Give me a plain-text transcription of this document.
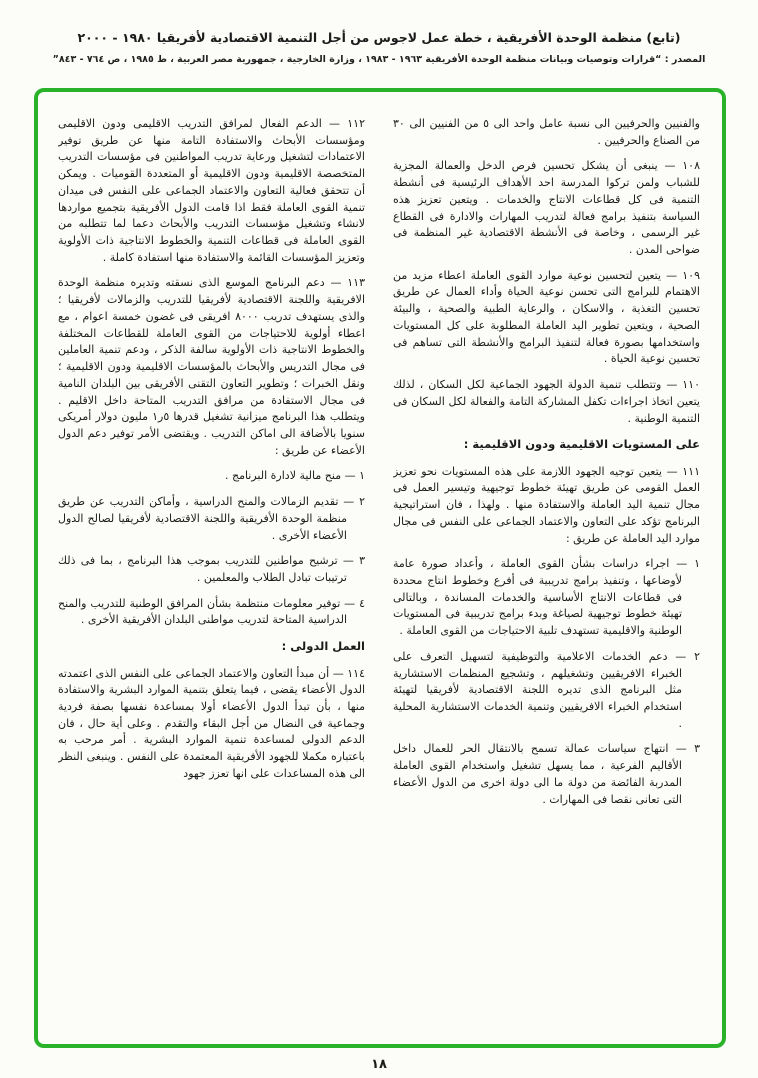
(تابع) منظمة الوحدة الأفريقية ، خطة عمل لاجوس من أجل التنمية الاقتصادية لأفريقيا ١٩٨٠ - ٢٠٠٠
المصدر : “قرارات وتوصيات وبيانات منظمة الوحدة الأفريقية ١٩٦٣ - ١٩٨٣ ، وزارة الخارجية ، جمهورية مصر العربية ، ط ١٩٨٥ ، ص ٧٦٤ - ٨٤٣”

والفنيين والحرفيين الى نسبة عامل واحد الى ٥ من الفنيين الى ٣٠ من الصناع والحرفيين .

١٠٨ — ينبغى أن يشكل تحسين فرص الدخل والعمالة المجزية للشباب ولمن تركوا المدرسة احد الأهداف الرئيسية فى أنشطة التنمية فى كل قطاعات الانتاج والخدمات . ويتعين تعزيز هذه السياسة بتنفيذ برامج فعالة لتدريب المهارات والادارة فى القطاع غير الرسمى ، وخاصة فى الأنشطة الاقتصادية غير المنظمة فى ضواحى المدن .

١٠٩ — يتعين لتحسين نوعية موارد القوى العاملة اعطاء مزيد من الاهتمام للبرامج التى تحسن نوعية الحياة وأداء العمال عن طريق تحسين التغذية ، والاسكان ، والرعاية الطبية والصحية ، والبيئة الصحية ، ويتعين تطوير اليد العاملة المطلوبة على كل المستويات واستخدامها بصورة فعالة لتنفيذ البرامج والأنشطة التى تساهم فى تحسين نوعية الحياة .

١١٠ — وتتطلب تنمية الدولة الجهود الجماعية لكل السكان ، لذلك يتعين اتخاذ اجراءات تكفل المشاركة التامة والفعالة لكل السكان فى التنمية الوطنية .

على المستويات الاقليمية ودون الاقليمية :

١١١ — يتعين توجيه الجهود اللازمة على هذه المستويات نحو تعزيز العمل القومى عن طريق تهيئة خطوط توجيهية وتيسير العمل فى مجال تنمية اليد العاملة والاستفادة منها . ولهذا ، فان استراتيجية البرنامج تؤكد على التعاون والاعتماد الجماعى على النفس فى مجال موارد اليد العاملة عن طريق :

١ — اجراء دراسات بشأن القوى العاملة ، وأعداد صورة عامة لأوضاعها ، وتنفيذ برامج تدريبية فى أفرع وخطوط انتاج محددة فى قطاعات الانتاج الأساسية والخدمات المساندة ، وبالتالى تهيئة خطوط توجيهية لصياغة وبدء برامج تدريبية فى المستويات الوطنية والاقليمية تستهدف تلبية الاحتياجات من القوى العاملة .

٢ — دعم الخدمات الاعلامية والتوظيفية لتسهيل التعرف على الخبراء الافريقيين وتشغيلهم ، وتشجيع المنظمات الاستشارية مثل البرنامج الذى تديره اللجنة الاقتصادية لأفريقيا لتهيئة استخدام الخبراء الافريقيين وتنمية الخدمات الاستشارية المحلية .

٣ — انتهاج سياسات عمالة تسمح بالانتقال الحر للعمال داخل الأقاليم الفرعية ، مما يسهل تشغيل واستخدام القوى العاملة المدربة الفائضة من دولة ما الى دولة اخرى من الدول الأعضاء التى تعانى نقصا فى المهارات .

١١٢ — الدعم الفعال لمرافق التدريب الاقليمى ودون الاقليمى ومؤسسات الأبحاث والاستفادة التامة منها عن طريق توفير الاعتمادات لتشغيل ورعاية تدريب المواطنين فى مؤسسات التدريب المتخصصة الاقليمية ودون الاقليمية أو المتعددة القوميات . ويمكن أن تتحقق فعالية التعاون والاعتماد الجماعى على النفس فى ميدان تنمية القوى العاملة فقط اذا قامت الدول الأفريقية بتجميع مواردها لانشاء وتشغيل مؤسسات التدريب والأبحاث دعما لما تتطلبه من القوى العاملة فى قطاعات التنمية والخطوط الانتاجية ذات الأولوية وتعزيز المؤسسات القائمة والاستفادة منها استفادة كاملة .

١١٣ — دعم البرنامج الموسع الذى نسقته وتديره منظمة الوحدة الافريقية واللجنة الاقتصادية لأفريقيا للتدريب والزمالات لأفريقيا ؛ والذى يستهدف تدريب ٨٠٠٠ افريقى فى غضون خمسة اعوام ، مع اعطاء أولوية للاحتياجات من القوى العاملة للقطاعات المختلفة والخطوط الانتاجية ذات الأولوية سالفة الذكر ، ودعم تنمية العاملين فى مجال التدريس والأبحاث بالمؤسسات الاقليمية ودون الاقليمية ؛ ونقل الخبرات ؛ وتطوير التعاون التقنى الأفريقى بين البلدان النامية فى مجال الاستفادة من مرافق التدريب المتاحة داخل الاقليم . ويتطلب هذا البرنامج ميزانية تشغيل قدرها ٥ر١ مليون دولار أمريكى سنويا بالأضافة الى اماكن التدريب . ويقتضى الأمر توفير دعم الدول الأعضاء عن طريق :

١ — منح مالية لادارة البرنامج .

٢ — تقديم الزمالات والمنح الدراسية ، وأماكن التدريب عن طريق منظمة الوحدة الأفريقية واللجنة الاقتصادية لأفريقيا لصالح الدول الأعضاء الأخرى .

٣ — ترشيح مواطنين للتدريب بموجب هذا البرنامج ، بما فى ذلك ترتيبات تبادل الطلاب والمعلمين .

٤ — توفير معلومات منتظمة بشأن المرافق الوطنية للتدريب والمنح الدراسية المتاحة لتدريب مواطنى البلدان الأفريقية الأخرى .

العمل الدولى :

١١٤ — أن مبدأ التعاون والاعتماد الجماعى على النفس الذى اعتمدته الدول الأعضاء يقضى ، فيما يتعلق بتنمية الموارد البشرية والاستفادة منها ، بأن تبدأ الدول الأعضاء أولا بمساعدة نفسها بصفة فردية وجماعية فى النضال من أجل البقاء والتقدم . وعلى أية حال ، فان الدعم الدولى لمساعدة تنمية الموارد البشرية . أمر مرحب به باعتباره مكملا للجهود الأفريقية المعتمدة على النفس . وينبغى النظر الى هذه المساعدات على انها تعزز جهود

١٨
